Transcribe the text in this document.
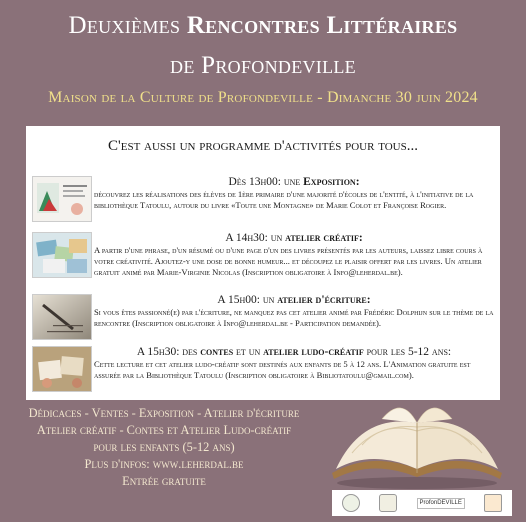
Deuxièmes Rencontres Littéraires
de Profondeville
Maison de la Culture de Profondeville - Dimanche 30 juin 2024
C'est aussi un programme d'activités pour tous...
Dès 13h00: une Exposition:
découvrez les réalisations des élèves de 1ère primaire d'une majorité d'écoles de l'entité, à l'initiative de la bibliothèque Tatoulu, autour du livre «Toute une Montagne» de Marie Colot et Françoise Rogier.
A 14h30: un atelier créatif:
A partir d'une phrase, d'un résumé ou d'une page d'un des livres présentés par les auteurs, laissez libre cours à votre créativité. Ajoutez-y une dose de bonne humeur... et découpez le plaisir offert par les livres. Un atelier gratuit animé par Marie-Virginie Nicolas (Inscription obligatoire à Info@leherdal.be).
A 15h00: un atelier d'écriture:
Si vous êtes passionné(e) par l'écriture, ne manquez pas cet atelier animé par Frédéric Dolphijn sur le thème de la rencontre (Inscription obligatoire à Info@leherdal.be - Participation demandée).
A 15h30: des contes et un atelier ludo-créatif pour les 5-12 ans:
Cette lecture et cet atelier ludo-créatif sont destinés aux enfants de 5 à 12 ans. L'Animation gratuite est assurée par la Bibliothèque Tatoulu (Inscription obligatoire à Bibliotatoulu@gmail.com).
Dédicaces - Ventes - Exposition - Atelier d'écriture
Atelier créatif - Contes et Atelier Ludo-créatif
pour les enfants (5-12 ans)
Plus d'infos: www.leherdal.be
Entrée gratuite
ProfonDEVILLE
